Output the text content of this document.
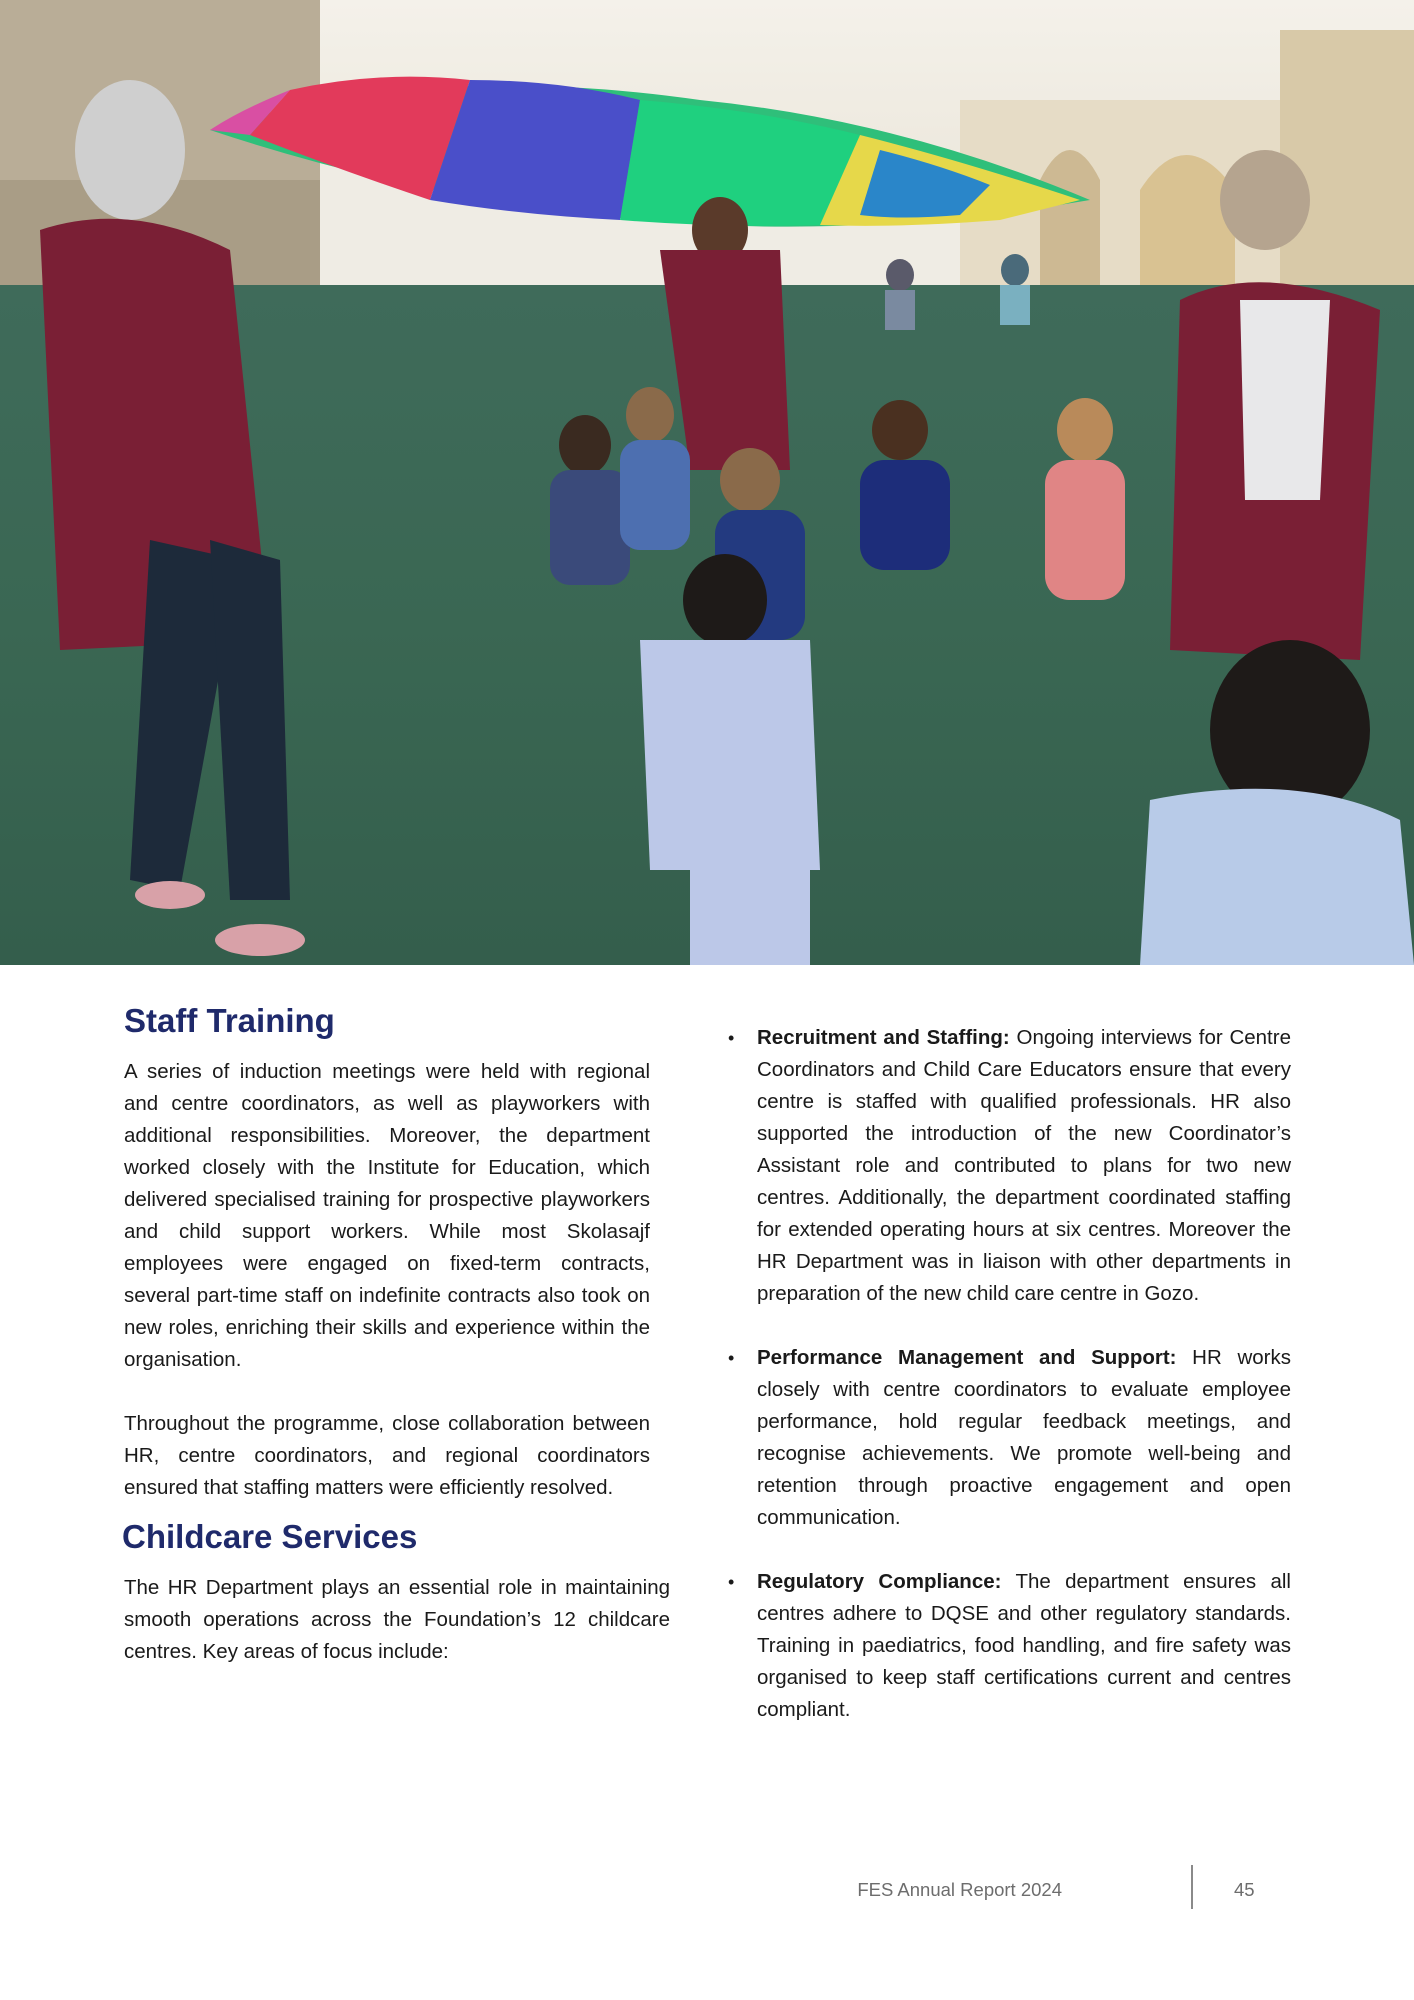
Staff Training

A series of induction meetings were held with regional and centre coordinators, as well as playworkers with additional responsibilities. Moreover, the department worked closely with the Institute for Education, which delivered specialised training for prospective playworkers and child support workers. While most Skolasajf employees were engaged on fixed-term contracts, several part-time staff on indefinite contracts also took on new roles, enriching their skills and experience within the organisation.

Throughout the programme, close collaboration between HR, centre coordinators, and regional coordinators ensured that staffing matters were efficiently resolved.

Childcare Services

The HR Department plays an essential role in maintaining smooth operations across the Foundation’s 12 childcare centres. Key areas of focus include:

• Recruitment and Staffing: Ongoing interviews for Centre Coordinators and Child Care Educators ensure that every centre is staffed with qualified professionals. HR also supported the introduction of the new Coordinator’s Assistant role and contributed to plans for two new centres. Additionally, the department coordinated staffing for extended operating hours at six centres. Moreover the HR Department was in liaison with other departments in preparation of the new child care centre in Gozo.
• Performance Management and Support: HR works closely with centre coordinators to evaluate employee performance, hold regular feedback meetings, and recognise achievements. We promote well-being and retention through proactive engagement and open communication.
• Regulatory Compliance: The department ensures all centres adhere to DQSE and other regulatory standards. Training in paediatrics, food handling, and fire safety was organised to keep staff certifications current and centres compliant.
FES Annual Report 2024	45
